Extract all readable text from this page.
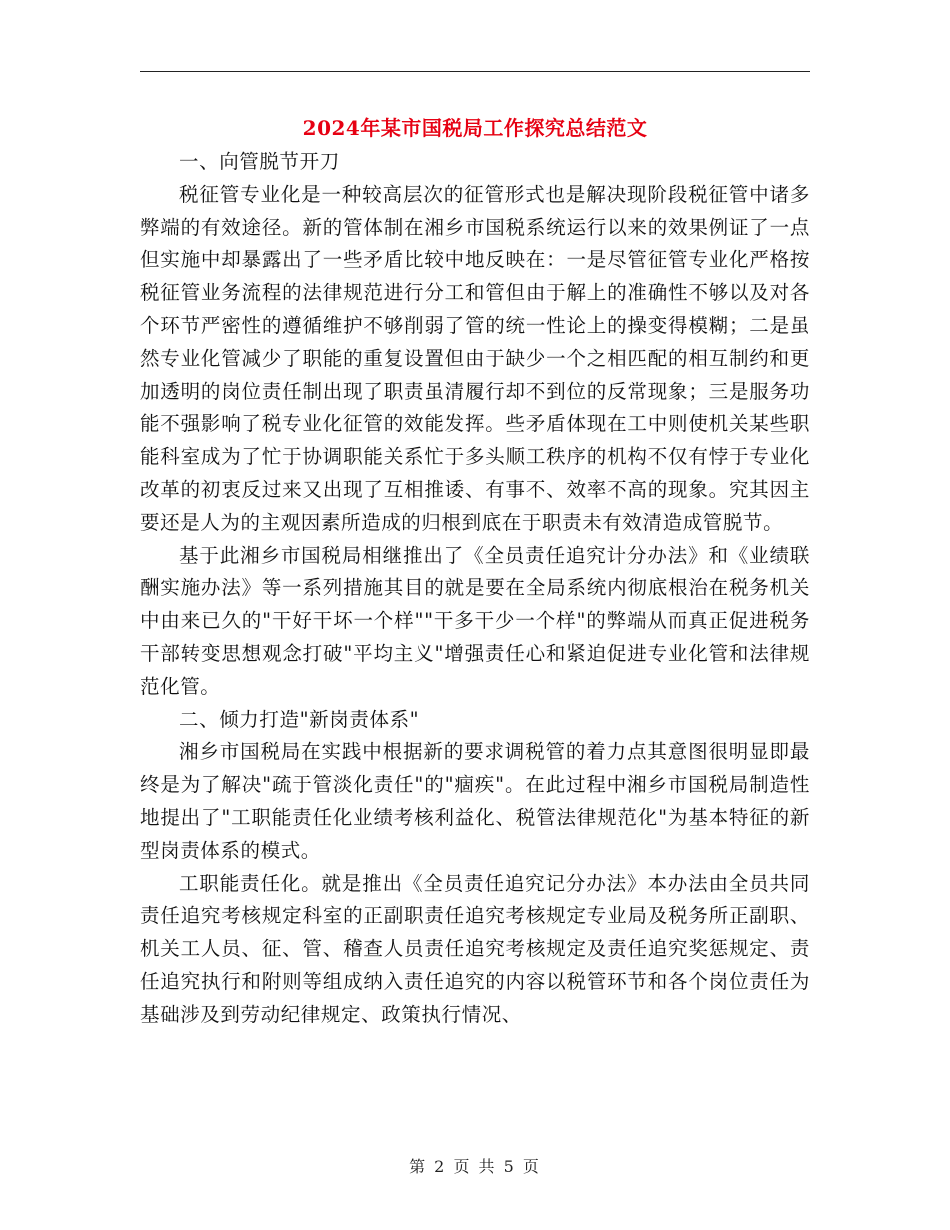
2024年某市国税局工作探究总结范文

一、向管脱节开刀

税征管专业化是一种较高层次的征管形式也是解决现阶段税征管中诸多弊端的有效途径。新的管体制在湘乡市国税系统运行以来的效果例证了一点但实施中却暴露出了一些矛盾比较中地反映在：一是尽管征管专业化严格按税征管业务流程的法律规范进行分工和管但由于解上的准确性不够以及对各个环节严密性的遵循维护不够削弱了管的统一性论上的操变得模糊；二是虽然专业化管减少了职能的重复设置但由于缺少一个之相匹配的相互制约和更加透明的岗位责任制出现了职责虽清履行却不到位的反常现象；三是服务功能不强影响了税专业化征管的效能发挥。些矛盾体现在工中则使机关某些职能科室成为了忙于协调职能关系忙于多头顺工秩序的机构不仅有悖于专业化改革的初衷反过来又出现了互相推诿、有事不、效率不高的现象。究其因主要还是人为的主观因素所造成的归根到底在于职责未有效清造成管脱节。

基于此湘乡市国税局相继推出了《全员责任追究计分办法》和《业绩联酬实施办法》等一系列措施其目的就是要在全局系统内彻底根治在税务机关中由来已久的"干好干坏一个样""干多干少一个样"的弊端从而真正促进税务干部转变思想观念打破"平均主义"增强责任心和紧迫促进专业化管和法律规范化管。

二、倾力打造"新岗责体系"

湘乡市国税局在实践中根据新的要求调税管的着力点其意图很明显即最终是为了解决"疏于管淡化责任"的"痼疾"。在此过程中湘乡市国税局制造性地提出了"工职能责任化业绩考核利益化、税管法律规范化"为基本特征的新型岗责体系的模式。

工职能责任化。就是推出《全员责任追究记分办法》本办法由全员共同责任追究考核规定科室的正副职责任追究考核规定专业局及税务所正副职、机关工人员、征、管、稽查人员责任追究考核规定及责任追究奖惩规定、责任追究执行和附则等组成纳入责任追究的内容以税管环节和各个岗位责任为基础涉及到劳动纪律规定、政策执行情况、

第 2 页 共 5 页
